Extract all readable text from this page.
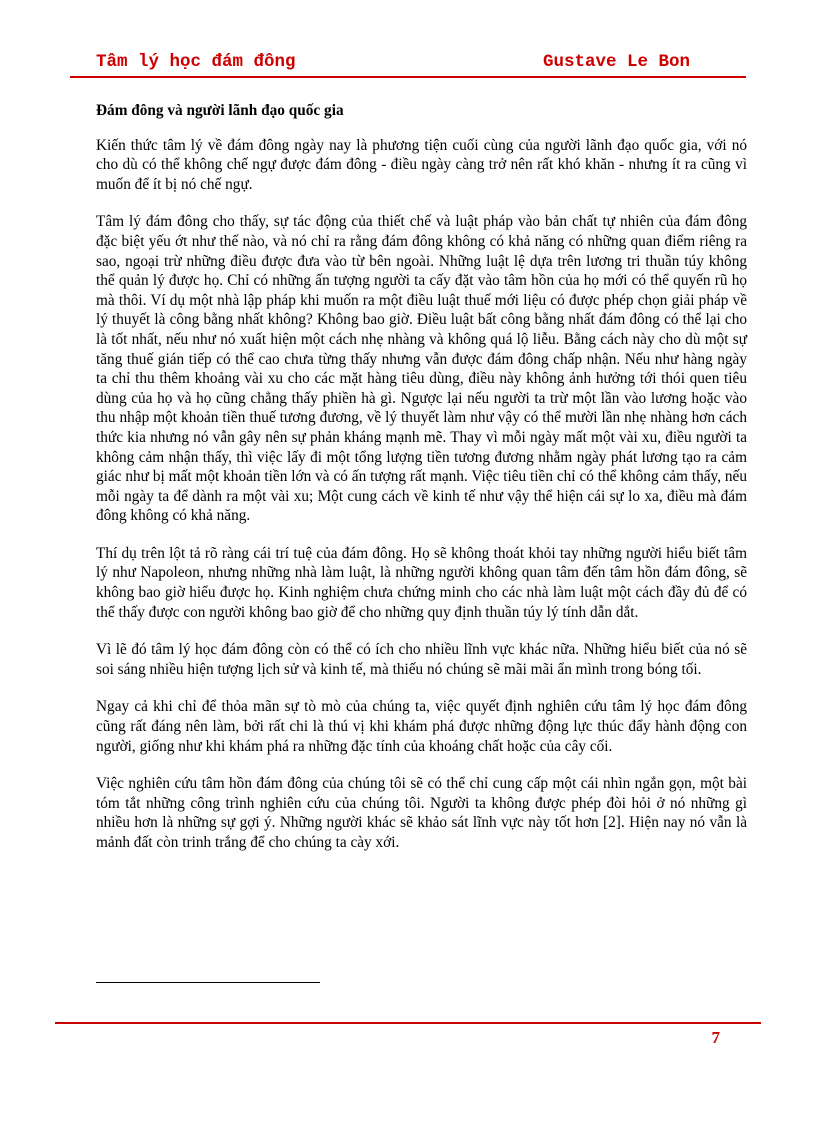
Tâm lý học đám đông	Gustave Le Bon

Đám đông và người lãnh đạo quốc gia

Kiến thức tâm lý về đám đông ngày nay là phương tiện cuối cùng của người lãnh đạo quốc gia, với nó cho dù có thể không chế ngự được đám đông - điều ngày càng trở nên rất khó khăn - nhưng ít ra cũng vì muốn để ít bị nó chế ngự.

Tâm lý đám đông cho thấy, sự tác động của thiết chế và luật pháp vào bản chất tự nhiên của đám đông đặc biệt yếu ớt như thế nào, và nó chỉ ra rằng đám đông không có khả năng có những quan điểm riêng ra sao, ngoại trừ những điều được đưa vào từ bên ngoài. Những luật lệ dựa trên lương tri thuần túy không thể quản lý được họ. Chỉ có những ấn tượng người ta cấy đặt vào tâm hồn của họ mới có thể quyến rũ họ mà thôi. Ví dụ một nhà lập pháp khi muốn ra một điều luật thuế mới liệu có được phép chọn giải pháp về lý thuyết là công bằng nhất không? Không bao giờ. Điều luật bất công bằng nhất đám đông có thể lại cho là tốt nhất, nếu như nó xuất hiện một cách nhẹ nhàng và không quá lộ liễu. Bằng cách này cho dù một sự tăng thuế gián tiếp có thể cao chưa từng thấy nhưng vẫn được đám đông chấp nhận. Nếu như hàng ngày ta chỉ thu thêm khoảng vài xu cho các mặt hàng tiêu dùng, điều này không ảnh hưởng tới thói quen tiêu dùng của họ và họ cũng chẳng thấy phiền hà gì. Ngược lại nếu người ta trừ một lần vào lương hoặc vào thu nhập một khoản tiền thuế tương đương, về lý thuyết làm như vậy có thể mười lần nhẹ nhàng hơn cách thức kia nhưng nó vẫn gây nên sự phản kháng mạnh mẽ. Thay vì mỗi ngày mất một vài xu, điều người ta không cảm nhận thấy, thì việc lấy đi một tổng lượng tiền tương đương nhằm ngày phát lương tạo ra cảm giác như bị mất một khoản tiền lớn và có ấn tượng rất mạnh. Việc tiêu tiền chỉ có thể không cảm thấy, nếu mỗi ngày ta để dành ra một vài xu; Một cung cách về kinh tế như vậy thể hiện cái sự lo xa, điều mà đám đông không có khả năng.

Thí dụ trên lột tả rõ ràng cái trí tuệ của đám đông. Họ sẽ không thoát khỏi tay những người hiểu biết tâm lý như Napoleon, nhưng những nhà làm luật, là những người không quan tâm đến tâm hồn đám đông, sẽ không bao giờ hiểu được họ. Kinh nghiệm chưa chứng minh cho các nhà làm luật một cách đầy đủ để có thể thấy được con người không bao giờ để cho những quy định thuần túy lý tính dẫn dắt.

Vì lẽ đó tâm lý học đám đông còn có thể có ích cho nhiều lĩnh vực khác nữa. Những hiểu biết của nó sẽ soi sáng nhiều hiện tượng lịch sử và kinh tế, mà thiếu nó chúng sẽ mãi mãi ẩn mình trong bóng tối.

Ngay cả khi chỉ để thỏa mãn sự tò mò của chúng ta, việc quyết định nghiên cứu tâm lý học đám đông cũng rất đáng nên làm, bởi rất chi là thú vị khi khám phá được những động lực thúc đẩy hành động con người, giống như khi khám phá ra những đặc tính của khoáng chất hoặc của cây cối.

Việc nghiên cứu tâm hồn đám đông của chúng tôi sẽ có thể chỉ cung cấp một cái nhìn ngắn gọn, một bài tóm tắt những công trình nghiên cứu của chúng tôi. Người ta không được phép đòi hỏi ở nó những gì nhiều hơn là những sự gợi ý. Những người khác sẽ khảo sát lĩnh vực này tốt hơn [2]. Hiện nay nó vẫn là mảnh đất còn trinh trắng để cho chúng ta cày xới.

7
